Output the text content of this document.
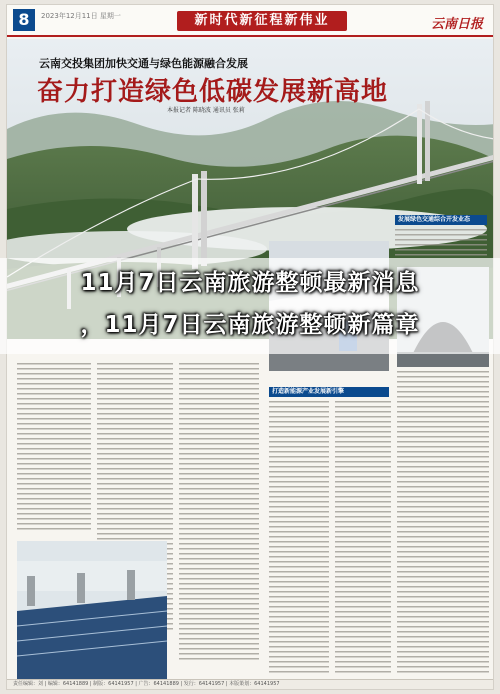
8	2023年12月11日 星期一	新时代新征程新伟业	云南日报
云南交投集团加快交通与绿色能源融合发展
奋力打造绿色低碳发展新高地
本报记者 陈晓波 通讯员 张莉
发展绿色交通综合开发业态
打造新能源产业发展新引擎
责任编辑：刘 | 编辑：64141889 | 制版：64141957 | 广告：64141889 | 发行：64141957 | 本版策划：64141957
11月7日云南旅游整顿最新消息
，11月7日云南旅游整顿新篇章
